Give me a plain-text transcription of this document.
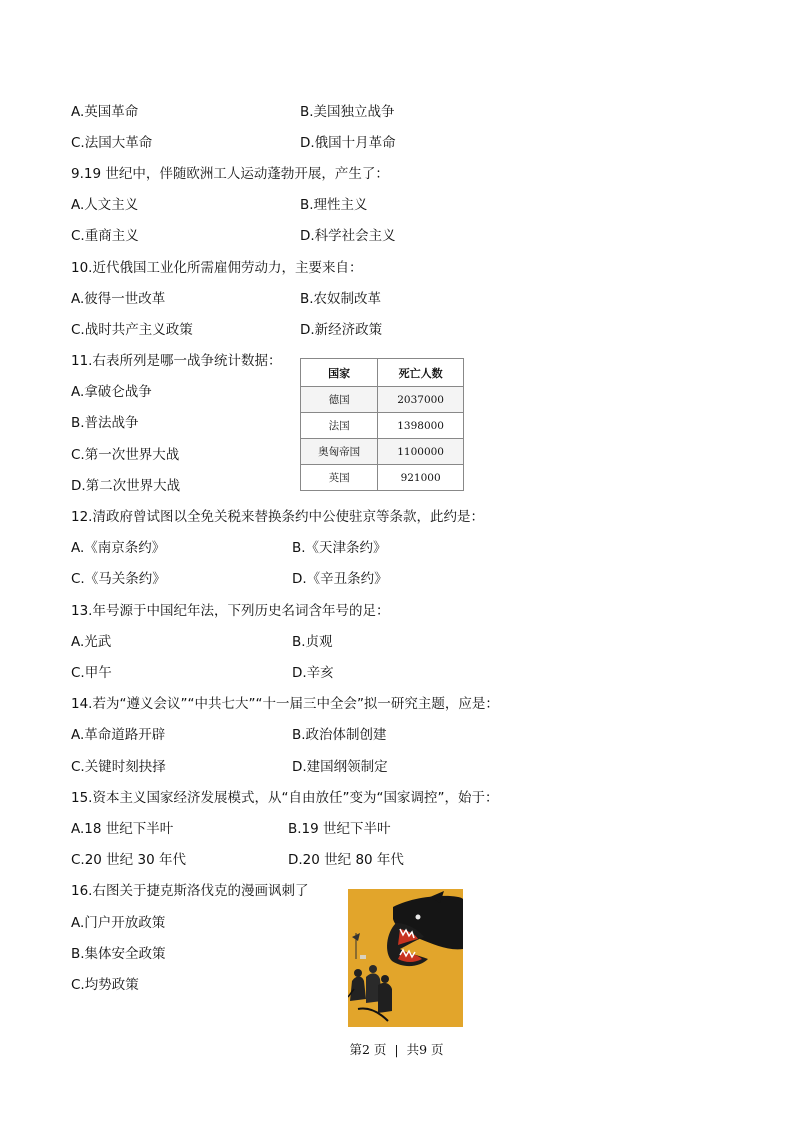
A.英国革命	B.美国独立战争
C.法国大革命	D.俄国十月革命
9.19 世纪中，伴随欧洲工人运动蓬勃开展，产生了：
A.人文主义	B.理性主义
C.重商主义	D.科学社会主义
10.近代俄国工业化所需雇佣劳动力，主要来自：
A.彼得一世改革	B.农奴制改革
C.战时共产主义政策	D.新经济政策
11.右表所列是哪一战争统计数据：
A.拿破仑战争
B.普法战争
C.第一次世界大战
D.第二次世界大战
国家	死亡人数
德国	2037000
法国	1398000
奥匈帝国	1100000
英国	921000
12.清政府曾试图以全免关税来替换条约中公使驻京等条款，此约是：
A.《南京条约》	B.《天津条约》
C.《马关条约》	D.《辛丑条约》
13.年号源于中国纪年法，下列历史名词含年号的足：
A.光武	B.贞观
C.甲午	D.辛亥
14.若为“遵义会议”“中共七大”“十一届三中全会”拟一研究主题，应是：
A.革命道路开辟	B.政治体制创建
C.关键时刻抉择	D.建国纲领制定
15.资本主义国家经济发展模式，从“自由放任”变为“国家调控”，始于：
A.18 世纪下半叶	B.19 世纪下半叶
C.20 世纪 30 年代	D.20 世纪 80 年代
16.右图关于捷克斯洛伐克的漫画讽刺了
A.门户开放政策
B.集体安全政策
C.均势政策
第2 页 | 共9 页
